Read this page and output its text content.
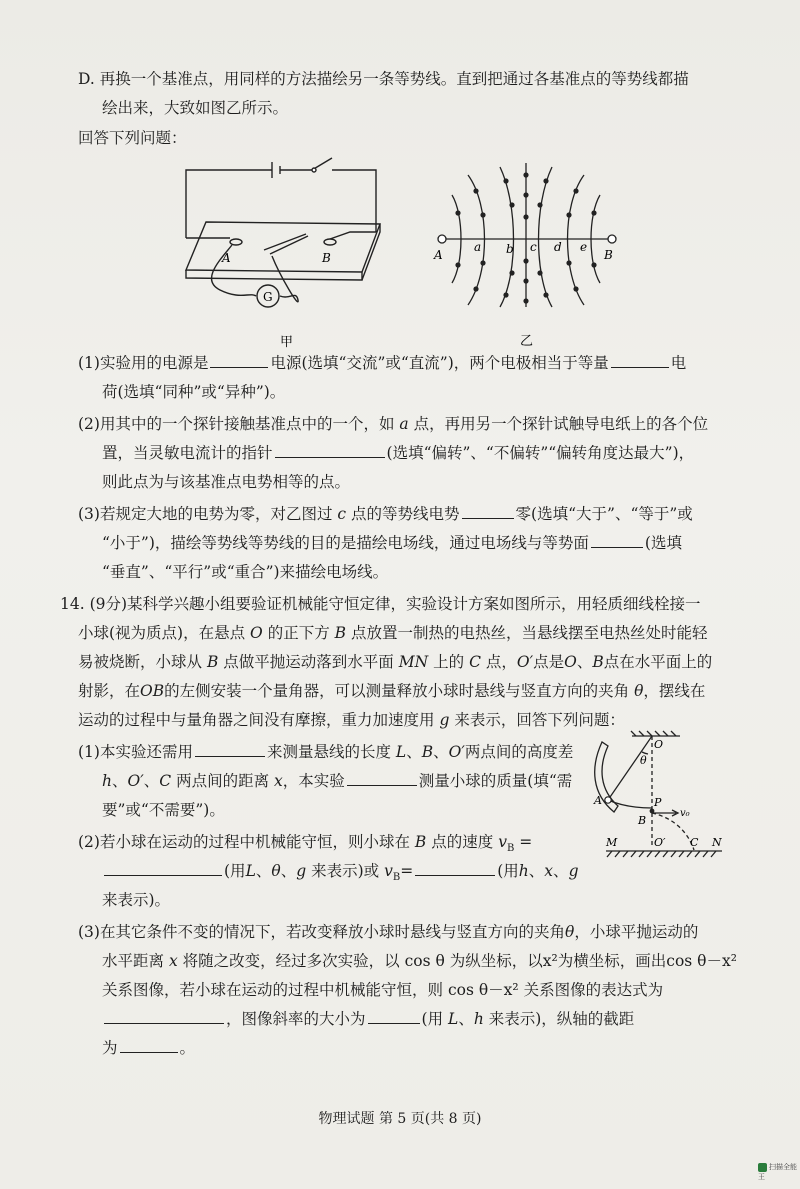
D. 再换一个基准点，用同样的方法描绘另一条等势线。直到把通过各基准点的等势线都描
绘出来，大致如图乙所示。
回答下列问题：
A	B
G
甲
A
a b c d e
B
乙
(1)实验用的电源是	电源(选填“交流”或“直流”)，两个电极相当于等量	电
荷(选填“同种”或“异种”)。
(2)用其中的一个探针接触基准点中的一个，如 a 点，再用另一个探针试触导电纸上的各个位
置，当灵敏电流计的指针	(选填“偏转”、“不偏转”“偏转角度达最大”)，
则此点为与该基准点电势相等的点。
(3)若规定大地的电势为零，对乙图过 c 点的等势线电势	零(选填“大于”、“等于”或
“小于”)，描绘等势线等势线的目的是描绘电场线，通过电场线与等势面	(选填
“垂直”、“平行”或“重合”)来描绘电场线。
14. (9分)某科学兴趣小组要验证机械能守恒定律，实验设计方案如图所示，用轻质细线栓接一
小球(视为质点)，在悬点 O 的正下方 B 点放置一制热的电热丝，当悬线摆至电热丝处时能轻
易被烧断，小球从 B 点做平抛运动落到水平面 MN 上的 C 点，O′点是O、B点在水平面上的
射影，在OB的左侧安装一个量角器，可以测量释放小球时悬线与竖直方向的夹角 θ，摆线在
运动的过程中与量角器之间没有摩擦，重力加速度用 g 来表示，回答下列问题：
(1)本实验还需用	来测量悬线的长度 L、B、O′两点间的高度差
h、O′、C 两点间的距离 x，本实验	测量小球的质量(填“需
要”或“不需要”)。
(2)若小球在运动的过程中机械能守恒，则小球在 B 点的速度 $v_B$ =
(用L、θ、g 来表示)或 $v_B=$	(用h、x、g
来表示)。
O
θ
A	P
v₀
B
M	O′ C N
(3)在其它条件不变的情况下，若改变释放小球时悬线与竖直方向的夹角θ，小球平抛运动的
水平距离 x 将随之改变，经过多次实验，以 cos θ 为纵坐标，以x²为横坐标，画出cos θ－x²
关系图像，若小球在运动的过程中机械能守恒，则 cos θ－x² 关系图像的表达式为
，图像斜率的大小为	(用 L、h 来表示)，纵轴的截距
为	。
物理试题 第 5 页(共 8 页)
扫描全能王
